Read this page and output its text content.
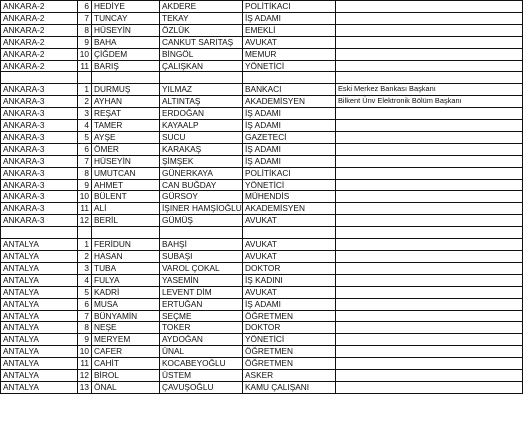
ANKARA-2	6	HEDİYE	AKDERE	POLİTİKACI	
ANKARA-2	7	TUNCAY	TEKAY	İŞ ADAMI	
ANKARA-2	8	HÜSEYİN	ÖZLÜK	EMEKLİ	
ANKARA-2	9	BAHA	CANKUT SARITAŞ	AVUKAT	
ANKARA-2	10	ÇİĞDEM	BİNGÖL	MEMUR	
ANKARA-2	11	BARIŞ	ÇALIŞKAN	YÖNETİCİ	

ANKARA-3	1	DURMUŞ	YILMAZ	BANKACI	Eski Merkez Bankası Başkanı
ANKARA-3	2	AYHAN	ALTINTAŞ	AKADEMİSYEN	Bilkent Ünv Elektronik Bölüm Başkanı
ANKARA-3	3	REŞAT	ERDOĞAN	İŞ ADAMI	
ANKARA-3	4	TAMER	KAYAALP	İŞ ADAMI	
ANKARA-3	5	AYŞE	SUCU	GAZETECİ	
ANKARA-3	6	ÖMER	KARAKAŞ	İŞ ADAMI	
ANKARA-3	7	HÜSEYİN	ŞİMŞEK	İŞ ADAMI	
ANKARA-3	8	UMUTCAN	GÜNERKAYA	POLİTİKACI	
ANKARA-3	9	AHMET	CAN BUĞDAY	YÖNETİCİ	
ANKARA-3	10	BÜLENT	GÜRSOY	MÜHENDİS	
ANKARA-3	11	ALİ	İŞINER HAMŞİOĞLU	AKADEMİSYEN	
ANKARA-3	12	BERİL	GÜMÜŞ	AVUKAT	

ANTALYA	1	FERİDUN	BAHŞİ	AVUKAT	
ANTALYA	2	HASAN	SUBAŞI	AVUKAT	
ANTALYA	3	TUBA	VAROL ÇOKAL	DOKTOR	
ANTALYA	4	FULYA	YASEMİN	İŞ KADINI	
ANTALYA	5	KADRİ	LEVENT DİM	AVUKAT	
ANTALYA	6	MUSA	ERTUĞAN	İŞ ADAMI	
ANTALYA	7	BÜNYAMİN	SEÇME	ÖĞRETMEN	
ANTALYA	8	NEŞE	TOKER	DOKTOR	
ANTALYA	9	MERYEM	AYDOĞAN	YÖNETİCİ	
ANTALYA	10	CAFER	ÜNAL	ÖĞRETMEN	
ANTALYA	11	CAHİT	KOCABEYOĞLU	ÖĞRETMEN	
ANTALYA	12	BİROL	ÜSTEM	ASKER	
ANTALYA	13	ÖNAL	ÇAVUŞOĞLU	KAMU ÇALIŞANI	
